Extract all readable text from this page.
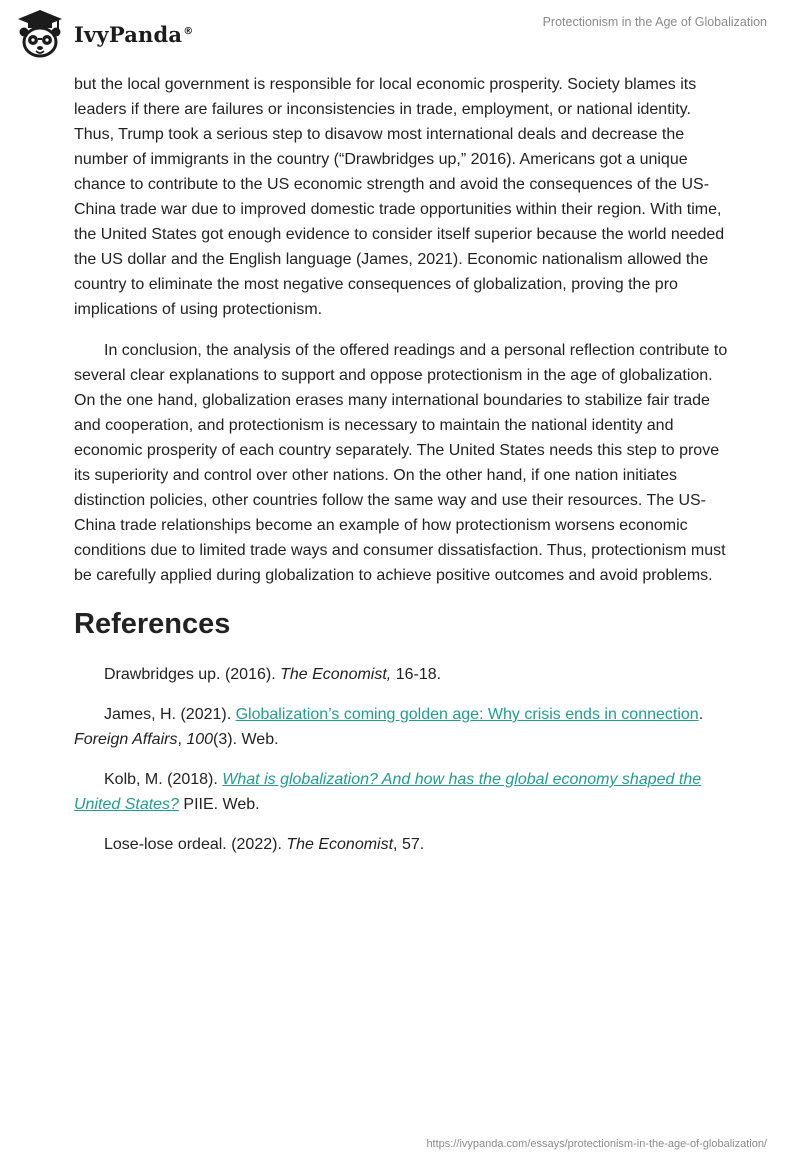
IvyPanda®
Protectionism in the Age of Globalization

but the local government is responsible for local economic prosperity. Society blames its leaders if there are failures or inconsistencies in trade, employment, or national identity. Thus, Trump took a serious step to disavow most international deals and decrease the number of immigrants in the country (“Drawbridges up,” 2016). Americans got a unique chance to contribute to the US economic strength and avoid the consequences of the US-China trade war due to improved domestic trade opportunities within their region. With time, the United States got enough evidence to consider itself superior because the world needed the US dollar and the English language (James, 2021). Economic nationalism allowed the country to eliminate the most negative consequences of globalization, proving the pro implications of using protectionism.

In conclusion, the analysis of the offered readings and a personal reflection contribute to several clear explanations to support and oppose protectionism in the age of globalization. On the one hand, globalization erases many international boundaries to stabilize fair trade and cooperation, and protectionism is necessary to maintain the national identity and economic prosperity of each country separately. The United States needs this step to prove its superiority and control over other nations. On the other hand, if one nation initiates distinction policies, other countries follow the same way and use their resources. The US-China trade relationships become an example of how protectionism worsens economic conditions due to limited trade ways and consumer dissatisfaction. Thus, protectionism must be carefully applied during globalization to achieve positive outcomes and avoid problems.

References

Drawbridges up. (2016). The Economist, 16-18.

James, H. (2021). Globalization’s coming golden age: Why crisis ends in connection. Foreign Affairs, 100(3). Web.

Kolb, M. (2018). What is globalization? And how has the global economy shaped the United States? PIIE. Web.

Lose-lose ordeal. (2022). The Economist, 57.

https://ivypanda.com/essays/protectionism-in-the-age-of-globalization/
